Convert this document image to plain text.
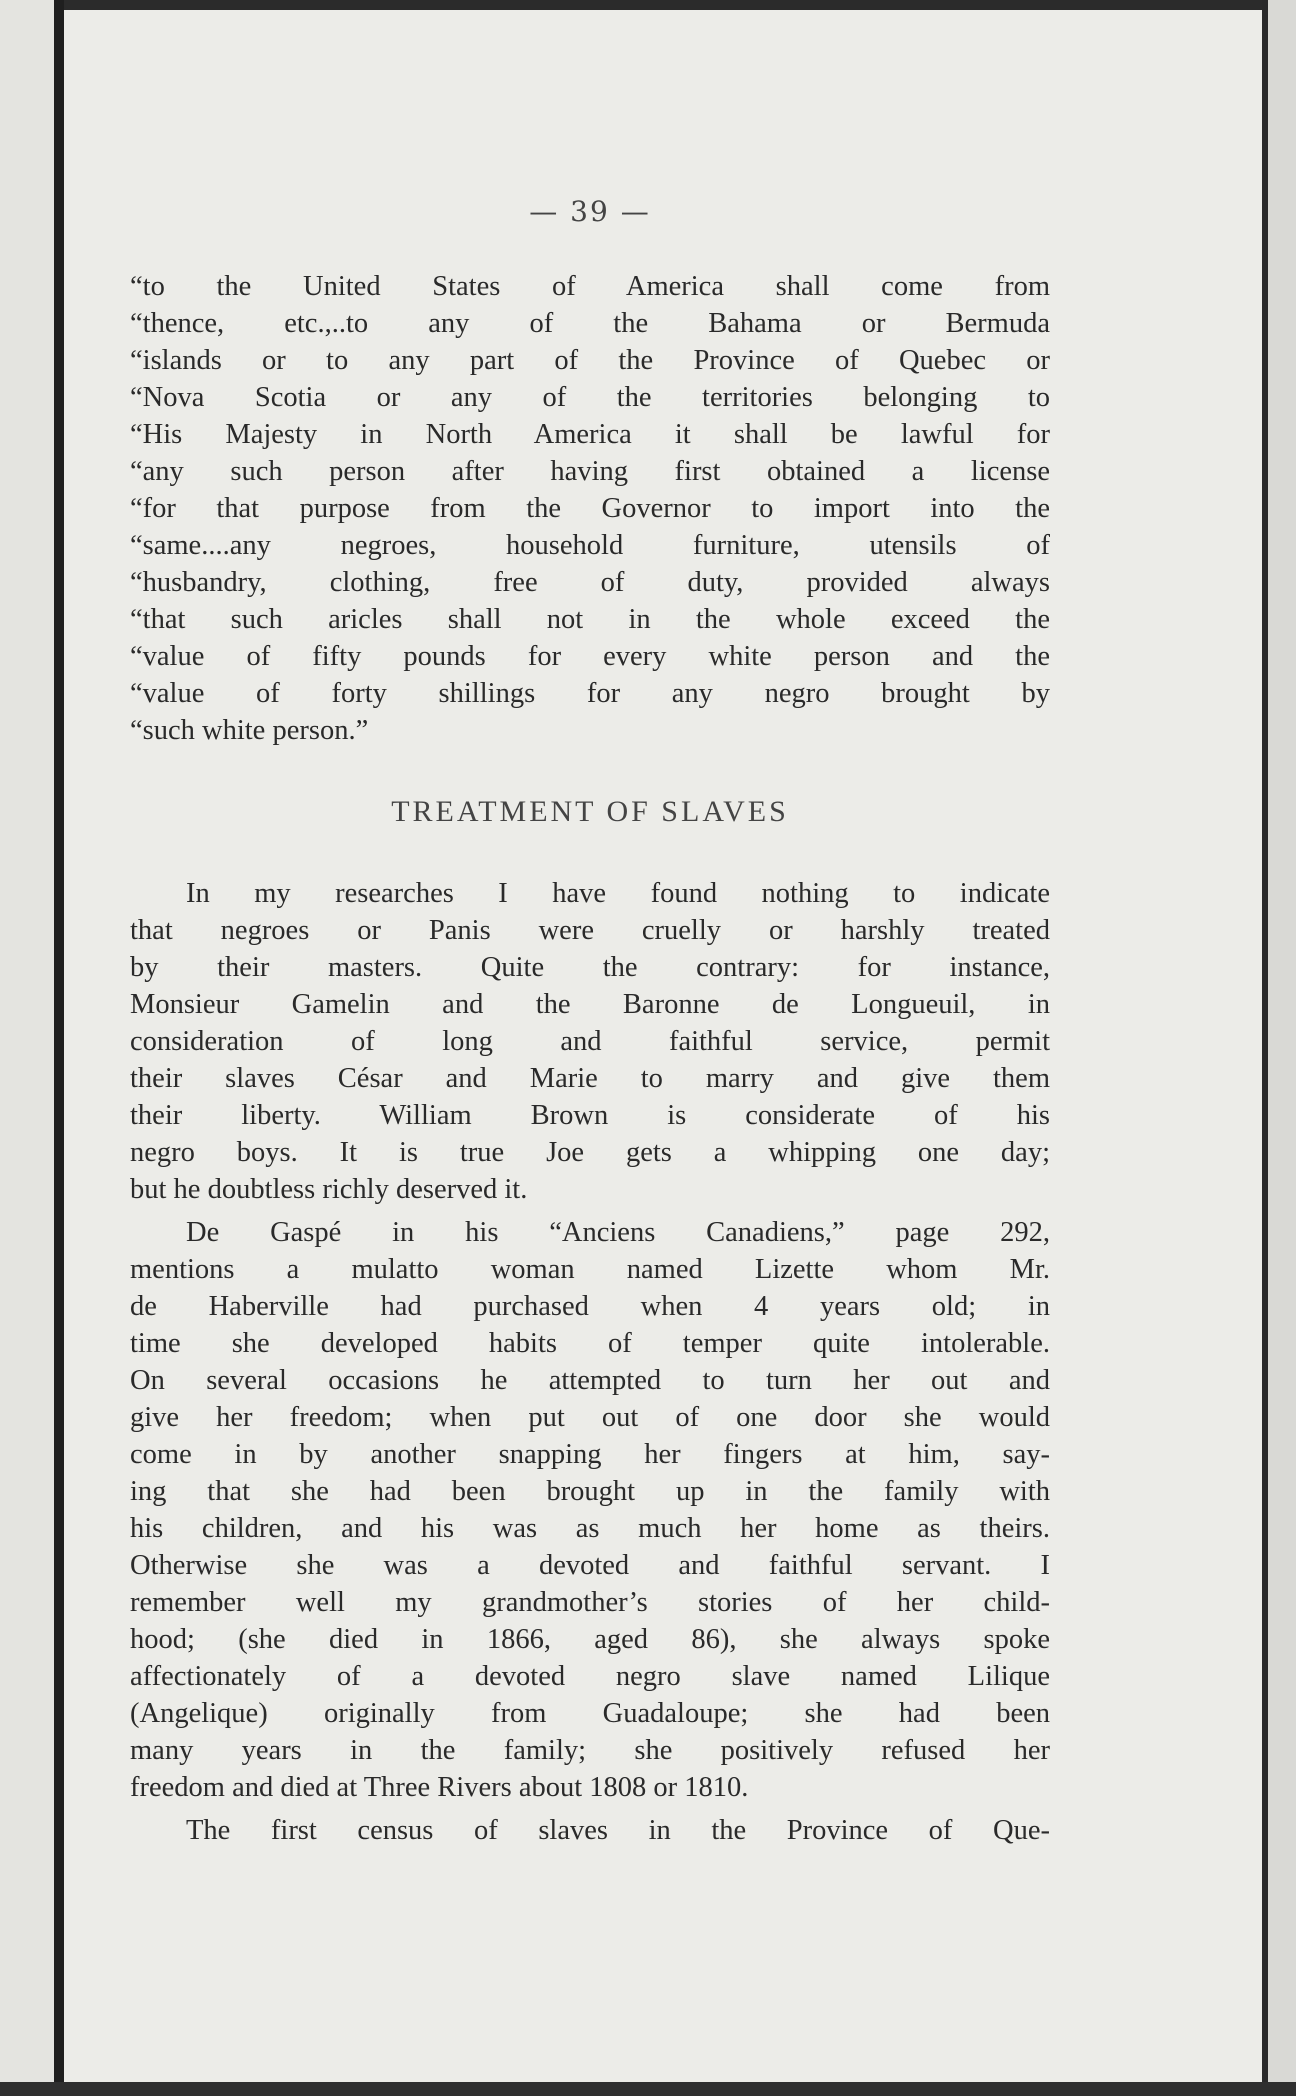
— 39 —
“to the United States of America shall come from
“thence, etc.,..to any of the Bahama or Bermuda
“islands or to any part of the Province of Quebec or
“Nova Scotia or any of the territories belonging to
“His Majesty in North America it shall be lawful for
“any such person after having first obtained a license
“for that purpose from the Governor to import into the
“same....any negroes, household furniture, utensils of
“husbandry, clothing, free of duty, provided always
“that such aricles shall not in the whole exceed the
“value of fifty pounds for every white person and the
“value of forty shillings for any negro brought by
“such white person.”
TREATMENT OF SLAVES
In my researches I have found nothing to indicate
that negroes or Panis were cruelly or harshly treated
by their masters. Quite the contrary: for instance,
Monsieur Gamelin and the Baronne de Longueuil, in
consideration of long and faithful service, permit
their slaves César and Marie to marry and give them
their liberty. William Brown is considerate of his
negro boys. It is true Joe gets a whipping one day;
but he doubtless richly deserved it.
De Gaspé in his “Anciens Canadiens,” page 292,
mentions a mulatto woman named Lizette whom Mr.
de Haberville had purchased when 4 years old; in
time she developed habits of temper quite intolerable.
On several occasions he attempted to turn her out and
give her freedom; when put out of one door she would
come in by another snapping her fingers at him, say-
ing that she had been brought up in the family with
his children, and his was as much her home as theirs.
Otherwise she was a devoted and faithful servant. I
remember well my grandmother’s stories of her child-
hood; (she died in 1866, aged 86), she always spoke
affectionately of a devoted negro slave named Lilique
(Angelique) originally from Guadaloupe; she had been
many years in the family; she positively refused her
freedom and died at Three Rivers about 1808 or 1810.
The first census of slaves in the Province of Que-
